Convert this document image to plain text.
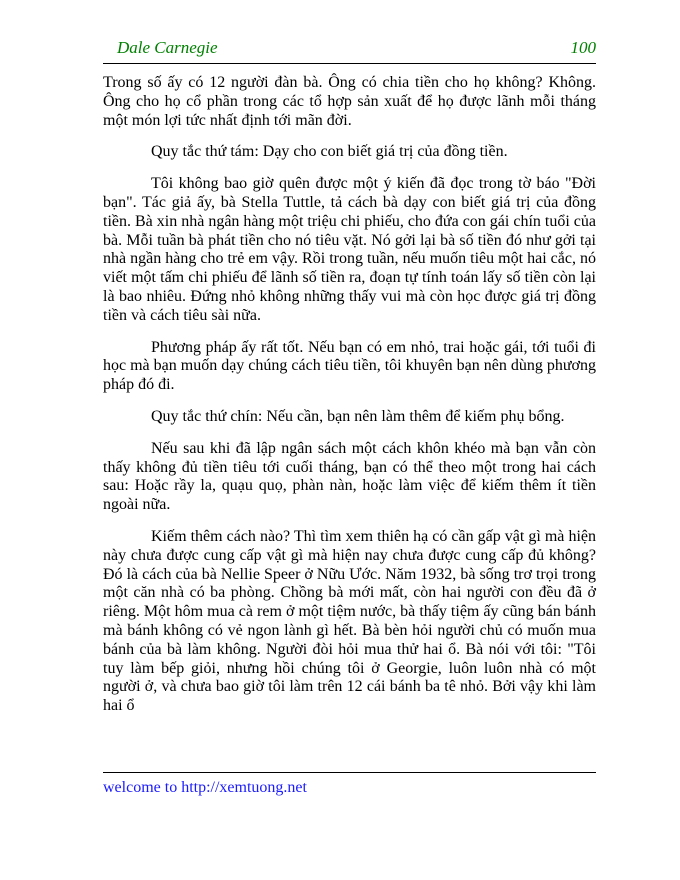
Dale Carnegie	100

Trong số ấy có 12 người đàn bà. Ông có chia tiền cho họ không? Không. Ông cho họ cổ phần trong các tổ hợp sản xuất để họ được lãnh mỗi tháng một món lợi tức nhất định tới mãn đời.

Quy tắc thứ tám: Dạy cho con biết giá trị của đồng tiền.

Tôi không bao giờ quên được một ý kiến đã đọc trong tờ báo "Đời bạn". Tác giả ấy, bà Stella Tuttle, tả cách bà dạy con biết giá trị của đồng tiền. Bà xin nhà ngân hàng một triệu chi phiếu, cho đứa con gái chín tuổi của bà. Mỗi tuần bà phát tiền cho nó tiêu vặt. Nó gởi lại bà số tiền đó như gởi tại nhà ngần hàng cho trẻ em vậy. Rồi trong tuần, nếu muốn tiêu một hai cắc, nó viết một tấm chi phiếu để lãnh số tiền ra, đoạn tự tính toán lấy số tiền còn lại là bao nhiêu. Đứng nhỏ không những thấy vui mà còn học được giá trị đồng tiền và cách tiêu sài nữa.

Phương pháp ấy rất tốt. Nếu bạn có em nhỏ, trai hoặc gái, tới tuổi đi học mà bạn muốn dạy chúng cách tiêu tiền, tôi khuyên bạn nên dùng phương pháp đó đi.

Quy tắc thứ chín: Nếu cần, bạn nên làm thêm để kiếm phụ bổng.

Nếu sau khi đã lập ngân sách một cách khôn khéo mà bạn vẫn còn thấy không đủ tiền tiêu tới cuối tháng, bạn có thể theo một trong hai cách sau: Hoặc rầy la, quạu quọ, phàn nàn, hoặc làm việc để kiếm thêm ít tiền ngoài nữa.

Kiếm thêm cách nào? Thì tìm xem thiên hạ có cần gấp vật gì mà hiện này chưa được cung cấp vật gì mà hiện nay chưa được cung cấp đủ không? Đó là cách của bà Nellie Speer ở Nữu Ước. Năm 1932, bà sống trơ trọi trong một căn nhà có ba phòng. Chồng bà mới mất, còn hai người con đều đã ở riêng. Một hôm mua cà rem ở một tiệm nước, bà thấy tiệm ấy cũng bán bánh mà bánh không có vẻ ngon lành gì hết. Bà bèn hỏi người chủ có muốn mua bánh của bà làm không. Người đòi hỏi mua thử hai ổ. Bà nói với tôi: "Tôi tuy làm bếp giỏi, nhưng hồi chúng tôi ở Georgie, luôn luôn nhà có một người ở, và chưa bao giờ tôi làm trên 12 cái bánh ba tê nhỏ. Bởi vậy khi làm hai ổ

welcome to http://xemtuong.net
